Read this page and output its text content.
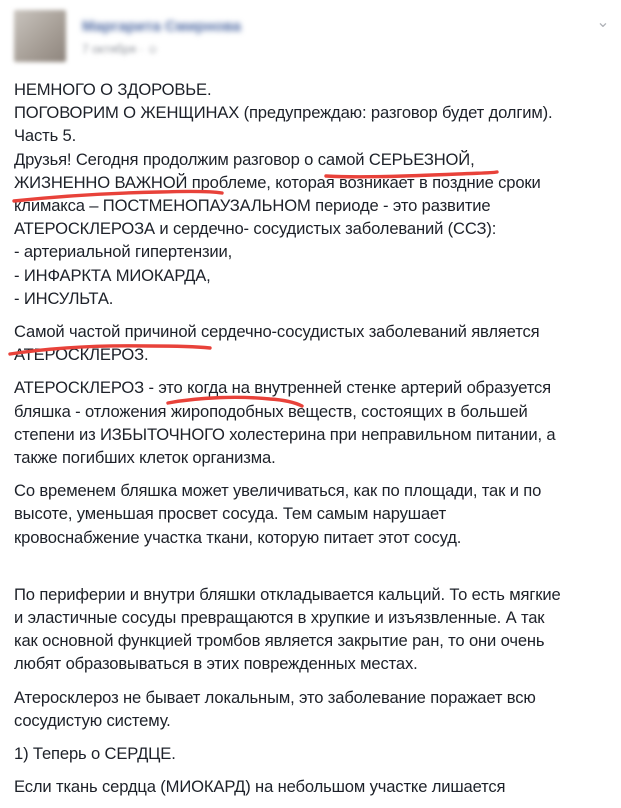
Маргарита Смирнова
7 октября · ☺
⌄
НЕМНОГО О ЗДОРОВЬЕ.
ПОГОВОРИМ О ЖЕНЩИНАХ (предупреждаю: разговор будет долгим).
Часть 5.
Друзья! Сегодня продолжим разговор о самой СЕРЬЕЗНОЙ,
ЖИЗНЕННО ВАЖНОЙ проблеме, которая возникает в поздние сроки
климакса – ПОСТМЕНОПАУЗАЛЬНОМ периоде - это развитие
АТЕРОСКЛЕРОЗА и сердечно- сосудистых заболеваний (ССЗ):
- артериальной гипертензии,
- ИНФАРКТА МИОКАРДА,
- ИНСУЛЬТА.
Самой частой причиной сердечно-сосудистых заболеваний является
АТЕРОСКЛЕРОЗ.
АТЕРОСКЛЕРОЗ - это когда на внутренней стенке артерий образуется
бляшка - отложения жироподобных веществ, состоящих в большей
степени из ИЗБЫТОЧНОГО холестерина при неправильном питании, а
также погибших клеток организма.
Со временем бляшка может увеличиваться, как по площади, так и по
высоте, уменьшая просвет сосуда. Тем самым нарушает
кровоснабжение участка ткани, которую питает этот сосуд.
По периферии и внутри бляшки откладывается кальций. То есть мягкие
и эластичные сосуды превращаются в хрупкие и изъязвленные. А так
как основной функцией тромбов является закрытие ран, то они очень
любят образовываться в этих поврежденных местах.
Атеросклероз не бывает локальным, это заболевание поражает всю
сосудистую систему.
1) Теперь о СЕРДЦЕ.
Если ткань сердца (МИОКАРД) на небольшом участке лишается
